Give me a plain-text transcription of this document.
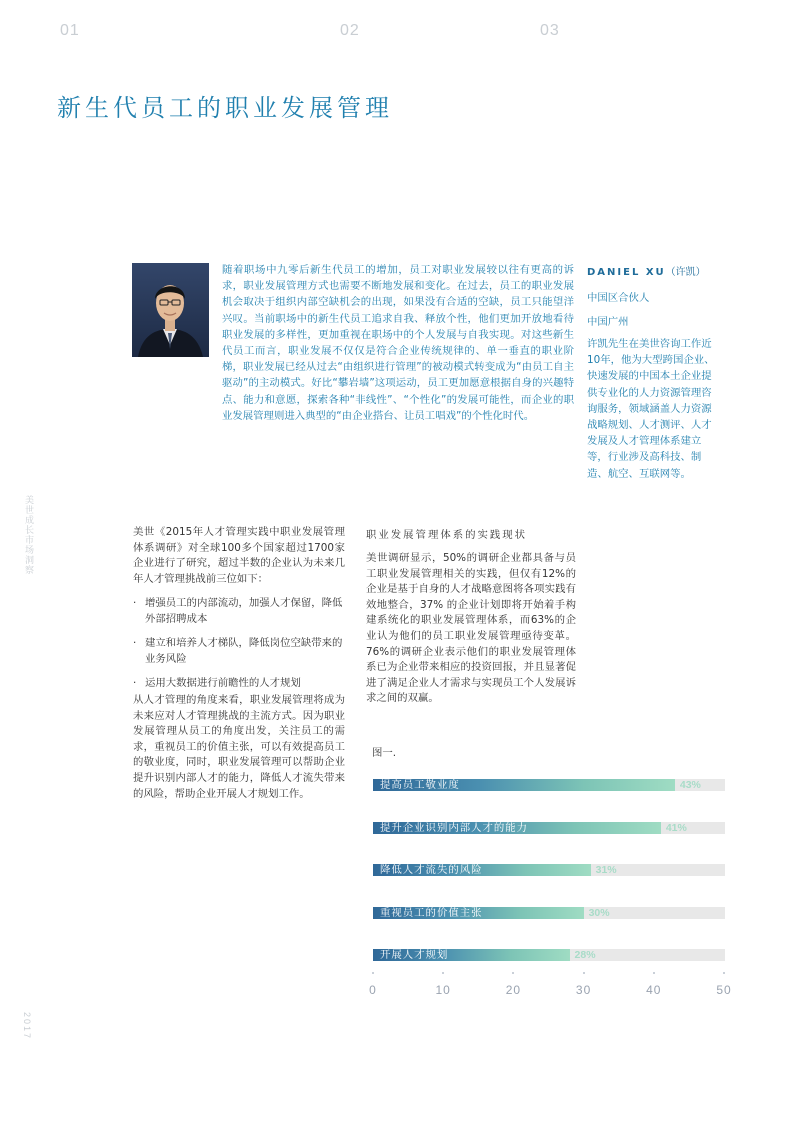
01	02	03
新生代员工的职业发展管理

随着职场中九零后新生代员工的增加，员工对职业发展较以往有更高的诉求，职业发展管理方式也需要不断地发展和变化。在过去，员工的职业发展机会取决于组织内部空缺机会的出现，如果没有合适的空缺，员工只能望洋兴叹。当前职场中的新生代员工追求自我、释放个性，他们更加开放地看待职业发展的多样性，更加重视在职场中的个人发展与自我实现。对这些新生代员工而言，职业发展不仅仅是符合企业传统规律的、单一垂直的职业阶梯，职业发展已经从过去“由组织进行管理”的被动模式转变成为“由员工自主驱动”的主动模式。好比“攀岩墙”这项运动，员工更加愿意根据自身的兴趣特点、能力和意愿，探索各种“非线性”、“个性化”的发展可能性，而企业的职业发展管理则进入典型的“由企业搭台、让员工唱戏”的个性化时代。

DANIEL XU（许凯）
中国区合伙人
中国广州

许凯先生在美世咨询工作近10年，他为大型跨国企业、快速发展的中国本土企业提供专业化的人力资源管理咨询服务，领域涵盖人力资源战略规划、人才测评、人才发展及人才管理体系建立等，行业涉及高科技、制造、航空、互联网等。

美世成长市场洞察
2017

美世《2015年人才管理实践中职业发展管理体系调研》对全球100多个国家超过1700家企业进行了研究，超过半数的企业认为未来几年人才管理挑战前三位如下：

· 增强员工的内部流动，加强人才保留，降低外部招聘成本
· 建立和培养人才梯队，降低岗位空缺带来的业务风险
· 运用大数据进行前瞻性的人才规划

从人才管理的角度来看，职业发展管理将成为未来应对人才管理挑战的主流方式。因为职业发展管理从员工的角度出发，关注员工的需求，重视员工的价值主张，可以有效提高员工的敬业度，同时，职业发展管理可以帮助企业提升识别内部人才的能力，降低人才流失带来的风险，帮助企业开展人才规划工作。

职业发展管理体系的实践现状

美世调研显示，50%的调研企业都具备与员工职业发展管理相关的实践，但仅有12%的企业是基于自身的人才战略意图将各项实践有效地整合，37% 的企业计划即将开始着手构建系统化的职业发展管理体系，而63%的企业认为他们的员工职业发展管理亟待变革。76%的调研企业表示他们的职业发展管理体系已为企业带来相应的投资回报，并且显著促进了满足企业人才需求与实现员工个人发展诉求之间的双赢。

图一.
提高员工敬业度	43%
提升企业识别内部人才的能力	41%
降低人才流失的风险	31%
重视员工的价值主张	30%
开展人才规划	28%
0	10	20	30	40	50
